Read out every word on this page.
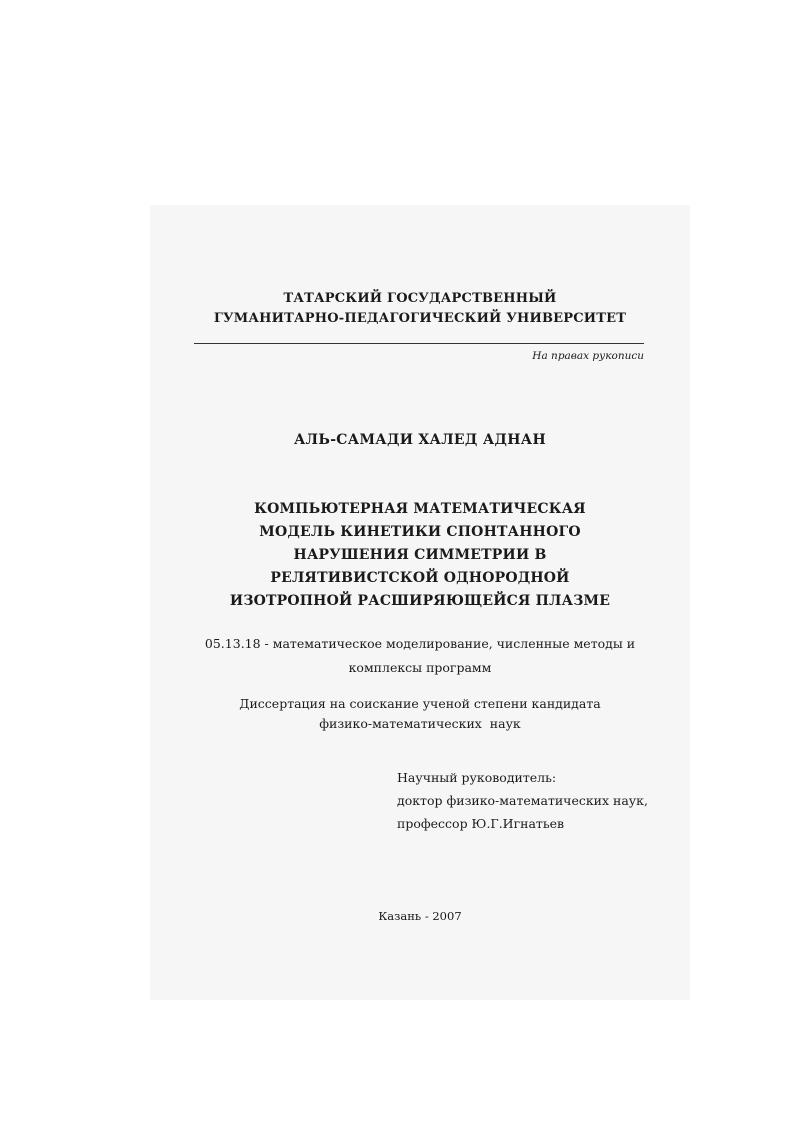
ТАТАРСКИЙ ГОСУДАРСТВЕННЫЙ
ГУМАНИТАРНО-ПЕДАГОГИЧЕСКИЙ УНИВЕРСИТЕТ
На правах рукописи
АЛЬ-САМАДИ ХАЛЕД АДНАН
КОМПЬЮТЕРНАЯ МАТЕМАТИЧЕСКАЯ
МОДЕЛЬ КИНЕТИКИ СПОНТАННОГО
НАРУШЕНИЯ СИММЕТРИИ В
РЕЛЯТИВИСТСКОЙ ОДНОРОДНОЙ
ИЗОТРОПНОЙ РАСШИРЯЮЩЕЙСЯ ПЛАЗМЕ
05.13.18 - математическое моделирование, численные методы и
комплексы программ
Диссертация на соискание ученой степени кандидата
физико-математических  наук
Научный руководитель:
доктор физико-математических наук,
профессор Ю.Г.Игнатьев
Казань - 2007
